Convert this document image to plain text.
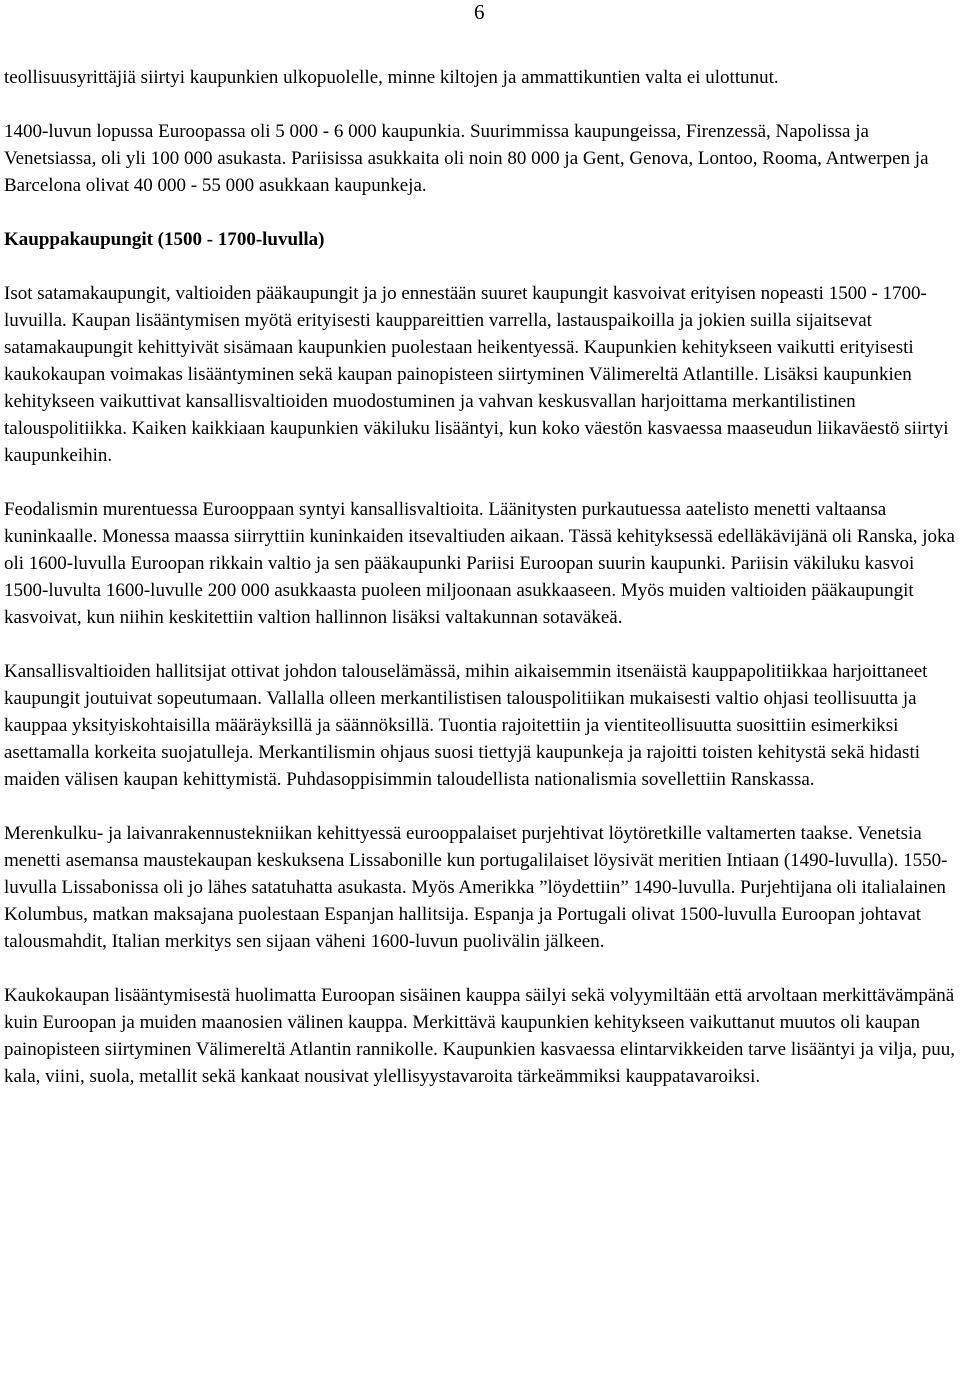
6

teollisuusyrittäjiä siirtyi kaupunkien ulkopuolelle, minne kiltojen ja ammattikuntien valta ei ulottunut.

1400-luvun lopussa Euroopassa oli 5 000 - 6 000 kaupunkia. Suurimmissa kaupungeissa, Firenzessä, Napolissa ja Venetsiassa, oli yli 100 000 asukasta. Pariisissa asukkaita oli noin 80 000 ja Gent, Genova, Lontoo, Rooma, Antwerpen ja Barcelona olivat 40 000 - 55 000 asukkaan kaupunkeja.

Kauppakaupungit (1500 - 1700-luvulla)

Isot satamakaupungit, valtioiden pääkaupungit ja jo ennestään suuret kaupungit kasvoivat erityisen nopeasti 1500 - 1700-luvuilla. Kaupan lisääntymisen myötä erityisesti kauppareittien varrella, lastauspaikoilla ja jokien suilla sijaitsevat satamakaupungit kehittyivät sisämaan kaupunkien puolestaan heikentyessä. Kaupunkien kehitykseen vaikutti erityisesti kaukokaupan voimakas lisääntyminen sekä kaupan painopisteen siirtyminen Välimereltä Atlantille. Lisäksi kaupunkien kehitykseen vaikuttivat kansallisvaltioiden muodostuminen ja vahvan keskusvallan harjoittama merkantilistinen talouspolitiikka. Kaiken kaikkiaan kaupunkien väkiluku lisääntyi, kun koko väestön kasvaessa maaseudun liikaväestö siirtyi kaupunkeihin.

Feodalismin murentuessa Eurooppaan syntyi kansallisvaltioita. Läänitysten purkautuessa aatelisto menetti valtaansa kuninkaalle. Monessa maassa siirryttiin kuninkaiden itsevaltiuden aikaan. Tässä kehityksessä edelläkävijänä oli Ranska, joka oli 1600-luvulla Euroopan rikkain valtio ja sen pääkaupunki Pariisi Euroopan suurin kaupunki. Pariisin väkiluku kasvoi 1500-luvulta 1600-luvulle 200 000 asukkaasta puoleen miljoonaan asukkaaseen. Myös muiden valtioiden pääkaupungit kasvoivat, kun niihin keskitettiin valtion hallinnon lisäksi valtakunnan sotaväkeä.

Kansallisvaltioiden hallitsijat ottivat johdon talouselämässä, mihin aikaisemmin itsenäistä kauppapolitiikkaa harjoittaneet kaupungit joutuivat sopeutumaan. Vallalla olleen merkantilistisen talouspolitiikan mukaisesti valtio ohjasi teollisuutta ja kauppaa yksityiskohtaisilla määräyksillä ja säännöksillä. Tuontia rajoitettiin ja vientiteollisuutta suosittiin esimerkiksi asettamalla korkeita suojatulleja. Merkantilismin ohjaus suosi tiettyjä kaupunkeja ja rajoitti toisten kehitystä sekä hidasti maiden välisen kaupan kehittymistä. Puhdasoppisimmin taloudellista nationalismia sovellettiin Ranskassa.

Merenkulku- ja laivanrakennustekniikan kehittyessä eurooppalaiset purjehtivat löytöretkille valtamerten taakse. Venetsia menetti asemansa maustekaupan keskuksena Lissabonille kun portugalilaiset löysivät meritien Intiaan (1490-luvulla). 1550-luvulla Lissabonissa oli jo lähes satatuhatta asukasta. Myös Amerikka ”löydettiin” 1490-luvulla. Purjehtijana oli italialainen Kolumbus, matkan maksajana puolestaan Espanjan hallitsija. Espanja ja Portugali olivat 1500-luvulla Euroopan johtavat talousmahdit, Italian merkitys sen sijaan väheni 1600-luvun puolivälin jälkeen.

Kaukokaupan lisääntymisestä huolimatta Euroopan sisäinen kauppa säilyi sekä volyymiltään että arvoltaan merkittävämpänä kuin Euroopan ja muiden maanosien välinen kauppa. Merkittävä kaupunkien kehitykseen vaikuttanut muutos oli kaupan painopisteen siirtyminen Välimereltä Atlantin rannikolle. Kaupunkien kasvaessa elintarvikkeiden tarve lisääntyi ja vilja, puu, kala, viini, suola, metallit sekä kankaat nousivat ylellisyystavaroita tärkeämmiksi kauppatavaroiksi.
